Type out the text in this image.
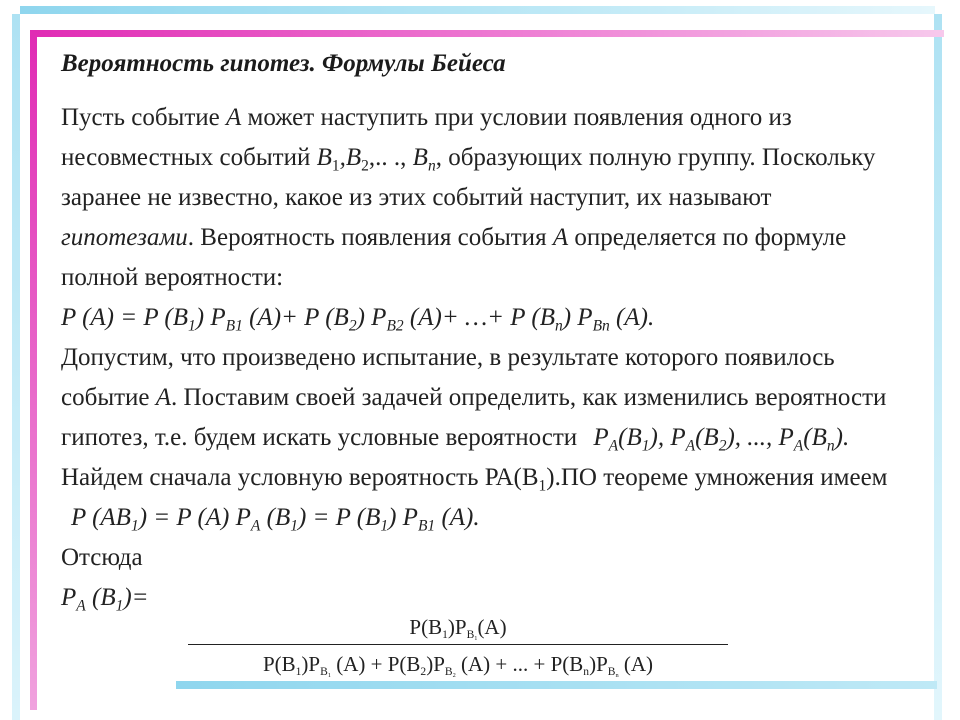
Вероятность гипотез. Формулы Бейеса
Пусть событие A может наступить при условии появления одного из несовместных событий $B_1,B_2$,.. ., $B_n$, образующих полную группу. Поскольку заранее не известно, какое из этих событий наступит, их называют гипотезами. Вероятность появления события A определяется по формуле полной вероятности:
P (A) = P $(B_1)$ $P_{B1}$ (A)+ P $(B_2)$ $P_{B2}$ (A)+ …+ P $(B_n)$ $P_{Bn}$ (A).
Допустим, что произведено испытание, в результате которого появилось событие A. Поставим своей задачей определить, как изменились вероятности гипотез, т.е. будем искать условные вероятности $P_A(B_1)$, $P_A(B_2)$, ..., $P_A(B_n)$.
Найдем сначала условную вероятность $РА(В_1).ПО$ теореме умножения имеем P $(AB_1) = P$ (A) $P_A$ $(B_1) = P$ $(B_1)$ $P_{B1}$ (A).
Отсюда
$P_A$ $(B_1)=$
$P(B_1)P_{B_1}(A)$
$P(B_1)P_{B_1}$ $(A) + P(B_2)P_{B_2}$ (A) + ... + $P(B_n)P_{B_n}$ (A)
